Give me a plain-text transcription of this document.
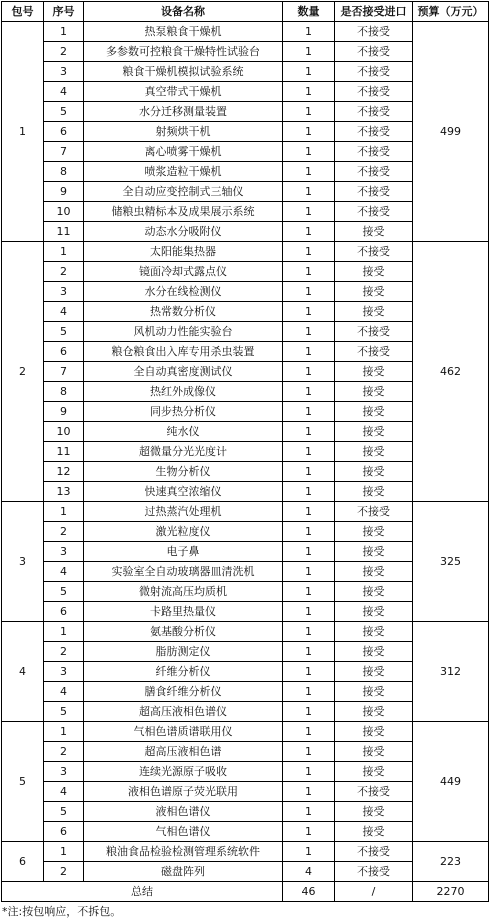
包号	序号	设备名称	数量	是否接受进口	预算（万元）
1	1	热泵粮食干燥机	1	不接受	499
	2	多参数可控粮食干燥特性试验台	1	不接受	
	3	粮食干燥机模拟试验系统	1	不接受	
	4	真空带式干燥机	1	不接受	
	5	水分迁移测量装置	1	不接受	
	6	射频烘干机	1	不接受	
	7	离心喷雾干燥机	1	不接受	
	8	喷浆造粒干燥机	1	不接受	
	9	全自动应变控制式三轴仪	1	不接受	
	10	储粮虫精标本及成果展示系统	1	不接受	
	11	动态水分吸附仪	1	接受	
2	1	太阳能集热器	1	不接受	462
	2	镜面冷却式露点仪	1	接受	
	3	水分在线检测仪	1	接受	
	4	热常数分析仪	1	接受	
	5	风机动力性能实验台	1	不接受	
	6	粮仓粮食出入库专用杀虫装置	1	不接受	
	7	全自动真密度测试仪	1	接受	
	8	热红外成像仪	1	接受	
	9	同步热分析仪	1	接受	
	10	纯水仪	1	接受	
	11	超微量分光光度计	1	接受	
	12	生物分析仪	1	接受	
	13	快速真空浓缩仪	1	接受	
3	1	过热蒸汽处理机	1	不接受	325
	2	激光粒度仪	1	接受	
	3	电子鼻	1	接受	
	4	实验室全自动玻璃器皿清洗机	1	接受	
	5	微射流高压均质机	1	接受	
	6	卡路里热量仪	1	接受	
4	1	氨基酸分析仪	1	接受	312
	2	脂肪测定仪	1	接受	
	3	纤维分析仪	1	接受	
	4	膳食纤维分析仪	1	接受	
	5	超高压液相色谱仪	1	接受	
5	1	气相色谱质谱联用仪	1	接受	449
	2	超高压液相色谱	1	接受	
	3	连续光源原子吸收	1	接受	
	4	液相色谱原子荧光联用	1	不接受	
	5	液相色谱仪	1	接受	
	6	气相色谱仪	1	接受	
6	1	粮油食品检验检测管理系统软件	1	不接受	223
	2	磁盘阵列	4	不接受	
总结			46	/	2270
*注:按包响应，不拆包。
